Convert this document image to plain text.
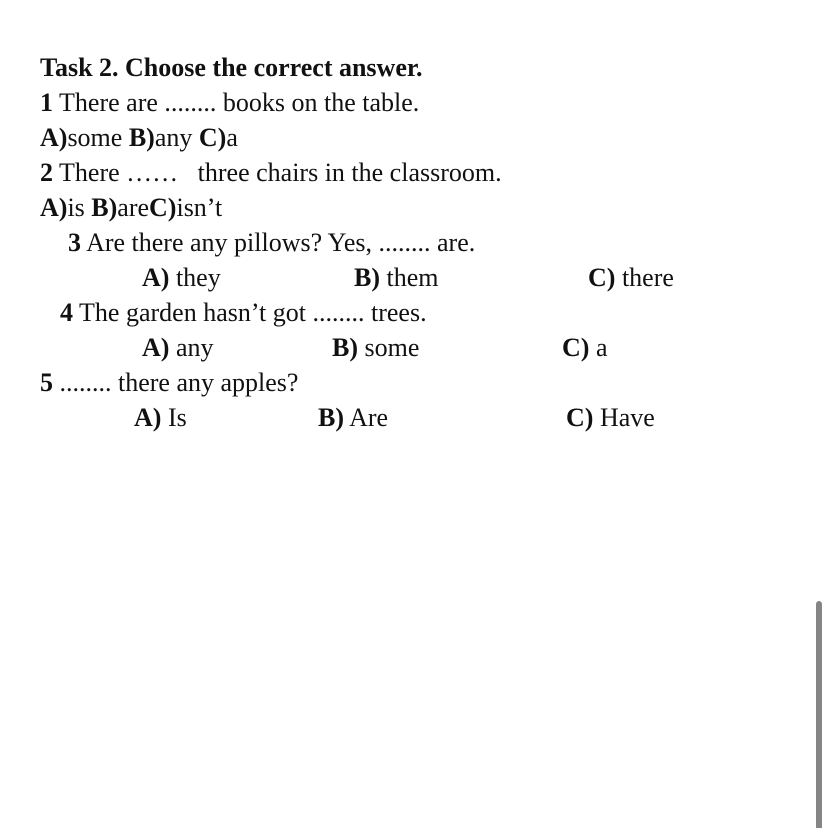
Task 2. Choose the correct answer.
1 There are ........ books on the table.
A)some B)any C)a
2 There ……   three chairs in the classroom.
A)is B)areC)isn’t
3 Are there any pillows? Yes, ........ are.
A) they	B) them	C) there
4 The garden hasn’t got ........ trees.
A) any	B) some	C) a
5 ........ there any apples?
A) Is	B) Are	C) Have
